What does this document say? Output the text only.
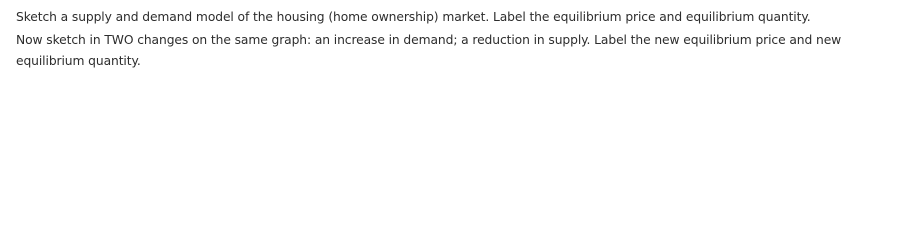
Sketch a supply and demand model of the housing (home ownership) market. Label the equilibrium price and equilibrium quantity.

Now sketch in TWO changes on the same graph: an increase in demand; a reduction in supply. Label the new equilibrium price and new equilibrium quantity.
